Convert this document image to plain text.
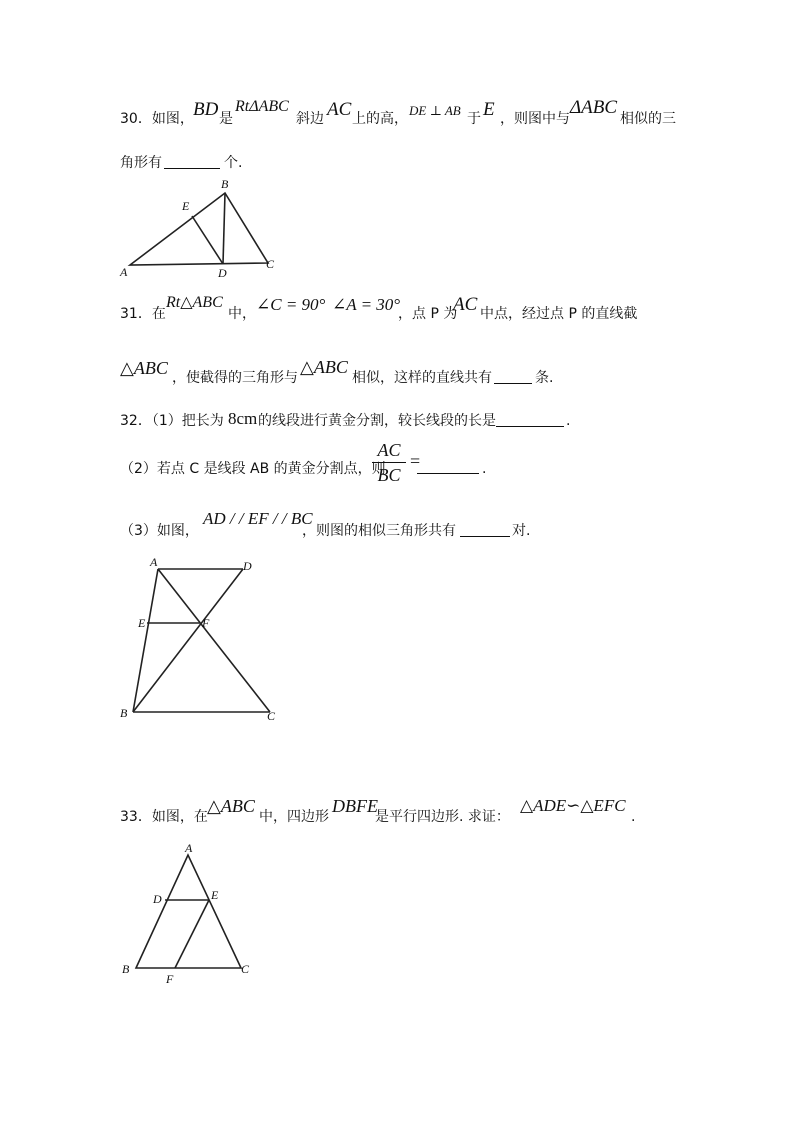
30．如图， BD 是
RtΔABC
斜边 AC 上的高，
DE ⊥ AB
于 E ，则图中与
ΔABC
相似的三
角形有	个.
A
B
C
D
E
31．在
Rt△ABC
中， ∠C = 90° ∠A = 30°
，点 P 为
AC 中点，经过点 P 的直线截
△ABC ，使截得的三角形与
△ABC
相似，这样的直线共有	条.
32．（1）把长为 8cm 的线段进行黄金分割，较长线段的长是	.
（2）若点 C 是线段 AB 的黄金分割点，则
AC
BC
=	.
（3）如图，
AD / / EF / / BC
，则图的相似三角形共有	对.
A	D
E	F
B	C
33．如图，在
△ABC
中，四边形
DBFE
是平行四边形. 求证：
△ADE∽△EFC
.
A
D	E
B
F
C
